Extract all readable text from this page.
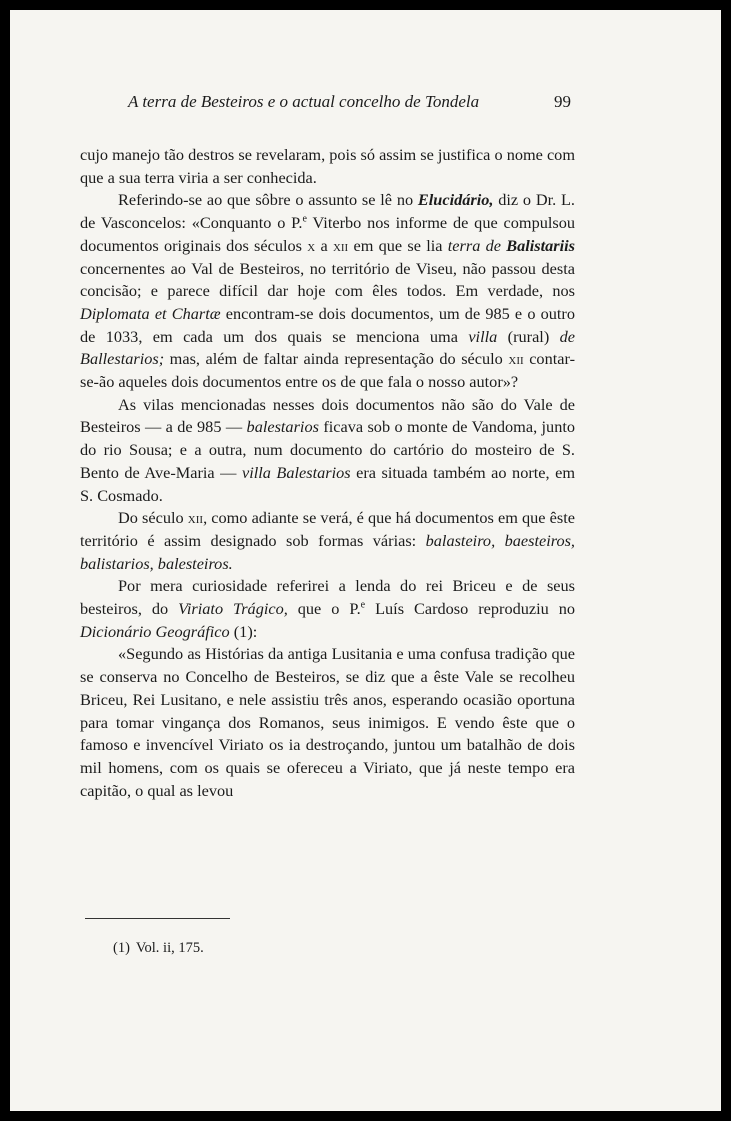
A terra de Besteiros e o actual concelho de Tondela	99

cujo manejo tão destros se revelaram, pois só assim se justifica o nome com que a sua terra viria a ser conhecida.

Referindo-se ao que sôbre o assunto se lê no Elucidário, diz o Dr. L. de Vasconcelos: «Conquanto o P.$^e$ Viterbo nos informe de que compulsou documentos originais dos séculos x a xii em que se lia terra de Balistariis concernentes ao Val de Besteiros, no território de Viseu, não passou desta concisão; e parece difícil dar hoje com êles todos. Em verdade, nos Diplomata et Chartæ encontram-se dois documentos, um de 985 e o outro de 1033, em cada um dos quais se menciona uma villa (rural) de Ballestarios; mas, além de faltar ainda representação do século xii contar-se-ão aqueles dois documentos entre os de que fala o nosso autor»?

As vilas mencionadas nesses dois documentos não são do Vale de Besteiros — a de 985 — balestarios ficava sob o monte de Vandoma, junto do rio Sousa; e a outra, num documento do cartório do mosteiro de S. Bento de Ave-Maria — villa Balestarios era situada também ao norte, em S. Cosmado.

Do século xii, como adiante se verá, é que há documentos em que êste território é assim designado sob formas várias: balasteiro, baesteiros, balistarios, balesteiros.

Por mera curiosidade referirei a lenda do rei Briceu e de seus besteiros, do Viriato Trágico, que o P.$^e$ Luís Cardoso reproduziu no Dicionário Geográfico (1):

«Segundo as Histórias da antiga Lusitania e uma confusa tradição que se conserva no Concelho de Besteiros, se diz que a êste Vale se recolheu Briceu, Rei Lusitano, e nele assistiu três anos, esperando ocasião oportuna para tomar vingança dos Romanos, seus inimigos. E vendo êste que o famoso e invencível Viriato os ia destroçando, juntou um batalhão de dois mil homens, com os quais se ofereceu a Viriato, que já neste tempo era capitão, o qual as levou

(1) Vol. ii, 175.
